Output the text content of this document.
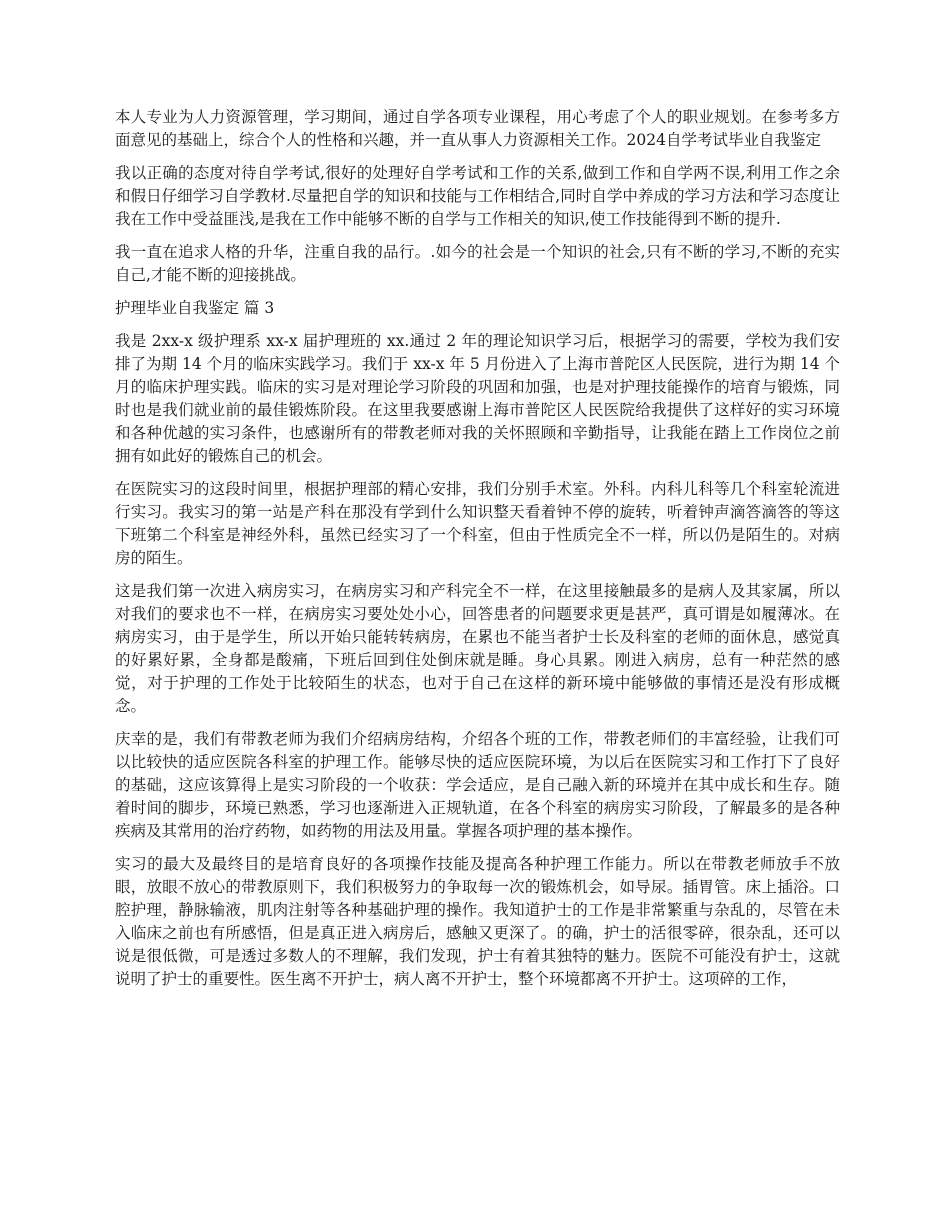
本人专业为人力资源管理，学习期间，通过自学各项专业课程，用心考虑了个人的职业规划。在参考多方面意见的基础上，综合个人的性格和兴趣，并一直从事人力资源相关工作。2024自学考试毕业自我鉴定

我以正确的态度对待自学考试,很好的处理好自学考试和工作的关系,做到工作和自学两不误,利用工作之余和假日仔细学习自学教材.尽量把自学的知识和技能与工作相结合,同时自学中养成的学习方法和学习态度让我在工作中受益匪浅,是我在工作中能够不断的自学与工作相关的知识,使工作技能得到不断的提升.

我一直在追求人格的升华，注重自我的品行。.如今的社会是一个知识的社会,只有不断的学习,不断的充实自己,才能不断的迎接挑战。

护理毕业自我鉴定 篇 3

我是 2xx-x 级护理系 xx-x 届护理班的 xx.通过 2 年的理论知识学习后，根据学习的需要，学校为我们安排了为期 14 个月的临床实践学习。我们于 xx-x 年 5 月份进入了上海市普陀区人民医院，进行为期 14 个月的临床护理实践。临床的实习是对理论学习阶段的巩固和加强，也是对护理技能操作的培育与锻炼，同时也是我们就业前的最佳锻炼阶段。在这里我要感谢上海市普陀区人民医院给我提供了这样好的实习环境和各种优越的实习条件，也感谢所有的带教老师对我的关怀照顾和辛勤指导，让我能在踏上工作岗位之前拥有如此好的锻炼自己的机会。

在医院实习的这段时间里，根据护理部的精心安排，我们分别手术室。外科。内科儿科等几个科室轮流进行实习。我实习的第一站是产科在那没有学到什么知识整天看着钟不停的旋转，听着钟声滴答滴答的等这下班第二个科室是神经外科，虽然已经实习了一个科室，但由于性质完全不一样，所以仍是陌生的。对病房的陌生。

这是我们第一次进入病房实习，在病房实习和产科完全不一样，在这里接触最多的是病人及其家属，所以对我们的要求也不一样，在病房实习要处处小心，回答患者的问题要求更是甚严，真可谓是如履薄冰。在病房实习，由于是学生，所以开始只能转转病房，在累也不能当者护士长及科室的老师的面休息，感觉真的好累好累，全身都是酸痛，下班后回到住处倒床就是睡。身心具累。刚进入病房，总有一种茫然的感觉，对于护理的工作处于比较陌生的状态，也对于自己在这样的新环境中能够做的事情还是没有形成概念。

庆幸的是，我们有带教老师为我们介绍病房结构，介绍各个班的工作，带教老师们的丰富经验，让我们可以比较快的适应医院各科室的护理工作。能够尽快的适应医院环境，为以后在医院实习和工作打下了良好的基础，这应该算得上是实习阶段的一个收获：学会适应，是自己融入新的环境并在其中成长和生存。随着时间的脚步，环境已熟悉，学习也逐渐进入正规轨道，在各个科室的病房实习阶段，了解最多的是各种疾病及其常用的治疗药物，如药物的用法及用量。掌握各项护理的基本操作。

实习的最大及最终目的是培育良好的各项操作技能及提高各种护理工作能力。所以在带教老师放手不放眼，放眼不放心的带教原则下，我们积极努力的争取每一次的锻炼机会，如导尿。插胃管。床上插浴。口腔护理，静脉输液，肌肉注射等各种基础护理的操作。我知道护士的工作是非常繁重与杂乱的，尽管在未入临床之前也有所感悟，但是真正进入病房后，感触又更深了。的确，护士的活很零碎，很杂乱，还可以说是很低微，可是透过多数人的不理解，我们发现，护士有着其独特的魅力。医院不可能没有护士，这就说明了护士的重要性。医生离不开护士，病人离不开护士，整个环境都离不开护士。这项碎的工作，
